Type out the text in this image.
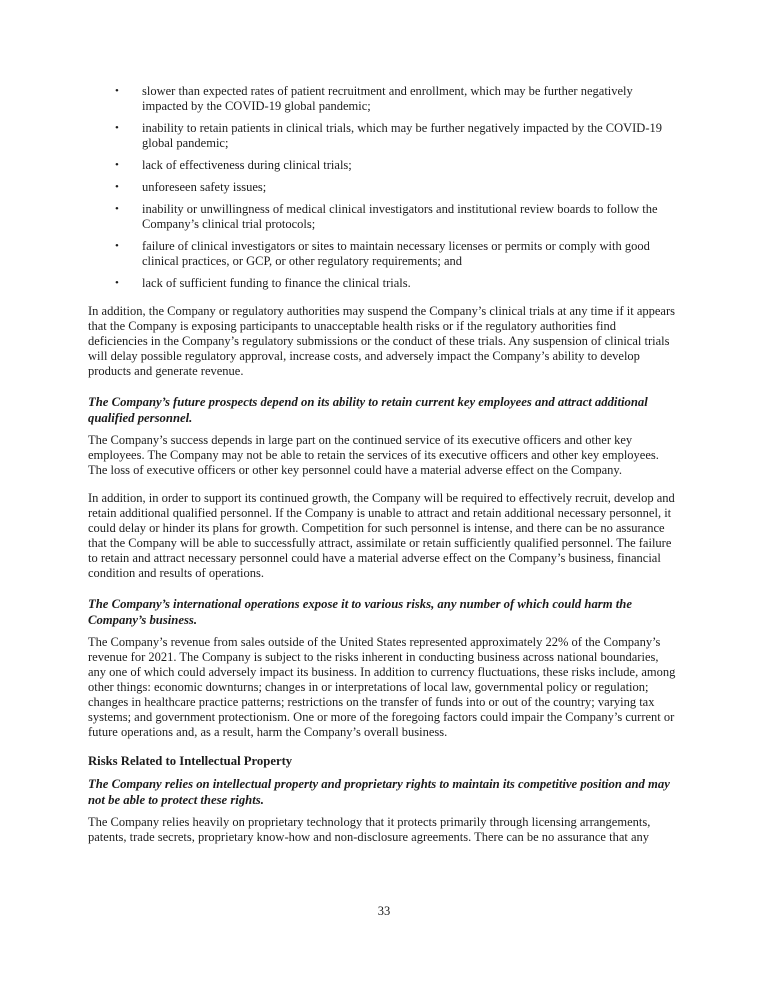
•	slower than expected rates of patient recruitment and enrollment, which may be further negatively impacted by the COVID-19 global pandemic;
•	inability to retain patients in clinical trials, which may be further negatively impacted by the COVID-19 global pandemic;
•	lack of effectiveness during clinical trials;
•	unforeseen safety issues;
•	inability or unwillingness of medical clinical investigators and institutional review boards to follow the Company’s clinical trial protocols;
•	failure of clinical investigators or sites to maintain necessary licenses or permits or comply with good clinical practices, or GCP, or other regulatory requirements; and
•	lack of sufficient funding to finance the clinical trials.

In addition, the Company or regulatory authorities may suspend the Company’s clinical trials at any time if it appears that the Company is exposing participants to unacceptable health risks or if the regulatory authorities find deficiencies in the Company’s regulatory submissions or the conduct of these trials. Any suspension of clinical trials will delay possible regulatory approval, increase costs, and adversely impact the Company’s ability to develop products and generate revenue.

The Company’s future prospects depend on its ability to retain current key employees and attract additional qualified personnel.

The Company’s success depends in large part on the continued service of its executive officers and other key employees. The Company may not be able to retain the services of its executive officers and other key employees. The loss of executive officers or other key personnel could have a material adverse effect on the Company.

In addition, in order to support its continued growth, the Company will be required to effectively recruit, develop and retain additional qualified personnel. If the Company is unable to attract and retain additional necessary personnel, it could delay or hinder its plans for growth. Competition for such personnel is intense, and there can be no assurance that the Company will be able to successfully attract, assimilate or retain sufficiently qualified personnel. The failure to retain and attract necessary personnel could have a material adverse effect on the Company’s business, financial condition and results of operations.

The Company’s international operations expose it to various risks, any number of which could harm the Company’s business.

The Company’s revenue from sales outside of the United States represented approximately 22% of the Company’s revenue for 2021. The Company is subject to the risks inherent in conducting business across national boundaries, any one of which could adversely impact its business. In addition to currency fluctuations, these risks include, among other things: economic downturns; changes in or interpretations of local law, governmental policy or regulation; changes in healthcare practice patterns; restrictions on the transfer of funds into or out of the country; varying tax systems; and government protectionism. One or more of the foregoing factors could impair the Company’s current or future operations and, as a result, harm the Company’s overall business.

Risks Related to Intellectual Property

The Company relies on intellectual property and proprietary rights to maintain its competitive position and may not be able to protect these rights.

The Company relies heavily on proprietary technology that it protects primarily through licensing arrangements, patents, trade secrets, proprietary know-how and non-disclosure agreements. There can be no assurance that any

33
